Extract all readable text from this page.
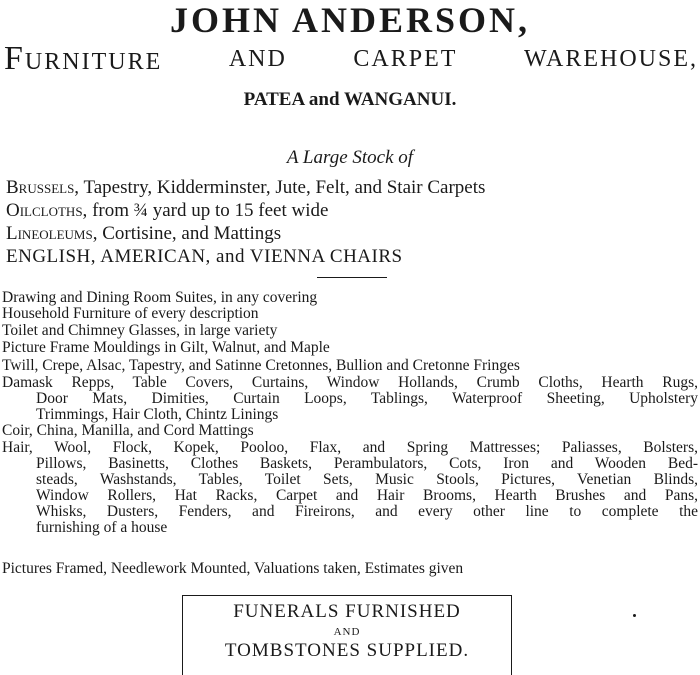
JOHN ANDERSON,
FURNITURE	AND	CARPET	WAREHOUSE,
PATEA and WANGANUI.
A Large Stock of
Brussels, Tapestry, Kidderminster, Jute, Felt, and Stair Carpets
Oilcloths, from ¾ yard up to 15 feet wide
Lineoleums, Cortisine, and Mattings
ENGLISH, AMERICAN, and VIENNA CHAIRS
Drawing and Dining Room Suites, in any covering
Household Furniture of every description
Toilet and Chimney Glasses, in large variety
Picture Frame Mouldings in Gilt, Walnut, and Maple
Twill, Crepe, Alsac, Tapestry, and Satinne Cretonnes, Bullion and Cretonne Fringes
Damask Repps, Table Covers, Curtains, Window Hollands, Crumb Cloths, Hearth Rugs,
Door Mats, Dimities, Curtain Loops, Tablings, Waterproof Sheeting, Upholstery
Trimmings, Hair Cloth, Chintz Linings
Coir, China, Manilla, and Cord Mattings
Hair, Wool, Flock, Kopek, Pooloo, Flax, and Spring Mattresses; Paliasses, Bolsters,
Pillows, Basinetts, Clothes Baskets, Perambulators, Cots, Iron and Wooden Bed-
steads, Washstands, Tables, Toilet Sets, Music Stools, Pictures, Venetian Blinds,
Window Rollers, Hat Racks, Carpet and Hair Brooms, Hearth Brushes and Pans,
Whisks, Dusters, Fenders, and Fireirons, and every other line to complete the
furnishing of a house
Pictures Framed, Needlework Mounted, Valuations taken, Estimates given
FUNERALS FURNISHED
AND
TOMBSTONES SUPPLIED.
